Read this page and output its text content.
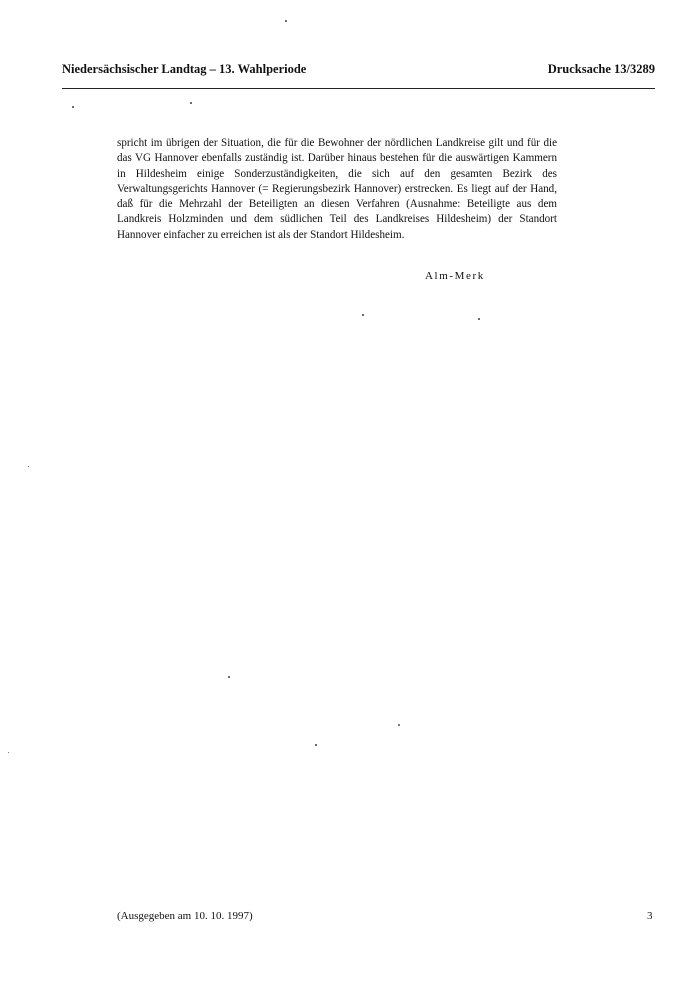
Niedersächsischer Landtag – 13. Wahlperiode	Drucksache 13/3289
spricht im übrigen der Situation, die für die Bewohner der nördlichen Landkreise gilt und für die das VG Hannover ebenfalls zuständig ist. Darüber hinaus bestehen für die auswärtigen Kammern in Hildesheim einige Sonderzuständigkeiten, die sich auf den gesamten Bezirk des Verwaltungsgerichts Hannover (= Regierungsbezirk Hannover) erstrecken. Es liegt auf der Hand, daß für die Mehrzahl der Beteiligten an diesen Verfahren (Ausnahme: Beteiligte aus dem Landkreis Holzminden und dem südlichen Teil des Landkreises Hildesheim) der Standort Hannover einfacher zu erreichen ist als der Standort Hildesheim.
Alm-Merk
(Ausgegeben am 10. 10. 1997)	3
